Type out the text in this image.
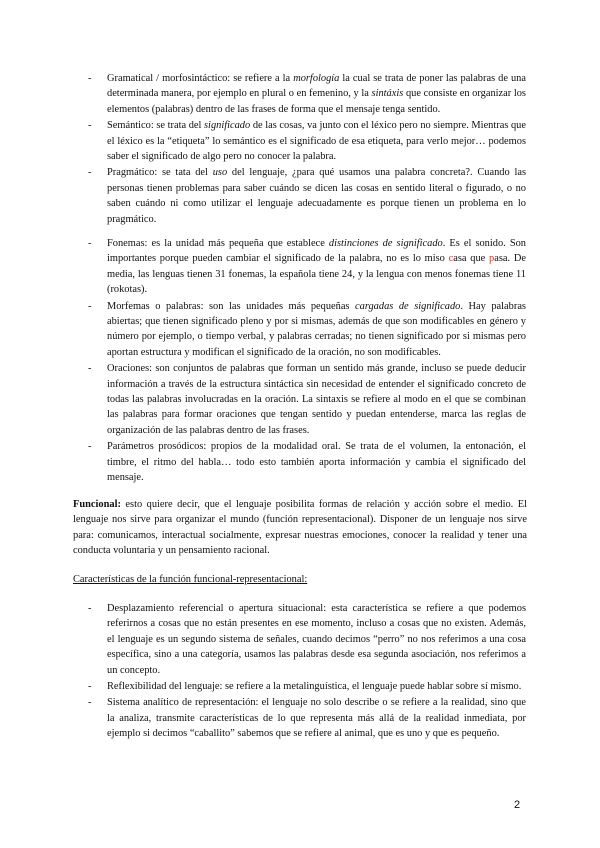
- Gramatical / morfosintáctico: se refiere a la morfología la cual se trata de poner las palabras de una determinada manera, por ejemplo en plural o en femenino, y la sintáxis que consiste en organizar los elementos (palabras) dentro de las frases de forma que el mensaje tenga sentido.
- Semántico: se trata del significado de las cosas, va junto con el léxico pero no siempre. Mientras que el léxico es la “etiqueta” lo semántico es el significado de esa etiqueta, para verlo mejor… podemos saber el significado de algo pero no conocer la palabra.
- Pragmático: se tata del uso del lenguaje, ¿para qué usamos una palabra concreta?. Cuando las personas tienen problemas para saber cuándo se dicen las cosas en sentido literal o figurado, o no saben cuándo ni como utilizar el lenguaje adecuadamente es porque tienen un problema en lo pragmático.
- Fonemas: es la unidad más pequeña que establece distinciones de significado. Es el sonido. Son importantes porque pueden cambiar el significado de la palabra, no es lo miso casa que pasa. De media, las lenguas tienen 31 fonemas, la española tiene 24, y la lengua con menos fonemas tiene 11 (rokotas).
- Morfemas o palabras: son las unidades más pequeñas cargadas de significado. Hay palabras abiertas; que tienen significado pleno y por si mismas, además de que son modificables en género y número por ejemplo, o tiempo verbal, y palabras cerradas; no tienen significado por si mismas pero aportan estructura y modifican el significado de la oración, no son modificables.
- Oraciones: son conjuntos de palabras que forman un sentido más grande, incluso se puede deducir información a través de la estructura sintáctica sin necesidad de entender el significado concreto de todas las palabras involucradas en la oración. La sintaxis se refiere al modo en el que se combinan las palabras para formar oraciones que tengan sentido y puedan entenderse, marca las reglas de organización de las palabras dentro de las frases.
- Parámetros prosódicos: propios de la modalidad oral. Se trata de el volumen, la entonación, el timbre, el ritmo del habla… todo esto también aporta información y cambia el significado del mensaje.

Funcional: esto quiere decir, que el lenguaje posibilita formas de relación y acción sobre el medio. El lenguaje nos sirve para organizar el mundo (función representacional). Disponer de un lenguaje nos sirve para: comunicamos, interactual socialmente, expresar nuestras emociones, conocer la realidad y tener una conducta voluntaria y un pensamiento racional.

Características de la función funcional-representacional:

- Desplazamiento referencial o apertura situacional: esta característica se refiere a que podemos referirnos a cosas que no están presentes en ese momento, incluso a cosas que no existen. Además, el lenguaje es un segundo sistema de señales, cuando decimos “perro” no nos referimos a una cosa específica, sino a una categoría, usamos las palabras desde esa segunda asociación, nos referimos a un concepto.
- Reflexibilidad del lenguaje: se refiere a la metalinguística, el lenguaje puede hablar sobre sí mismo.
- Sistema analítico de representación: el lenguaje no solo describe o se refiere a la realidad, sino que la analiza, transmite características de lo que representa más allá de la realidad inmediata, por ejemplo si decimos “caballito” sabemos que se refiere al animal, que es uno y que es pequeño.
2
